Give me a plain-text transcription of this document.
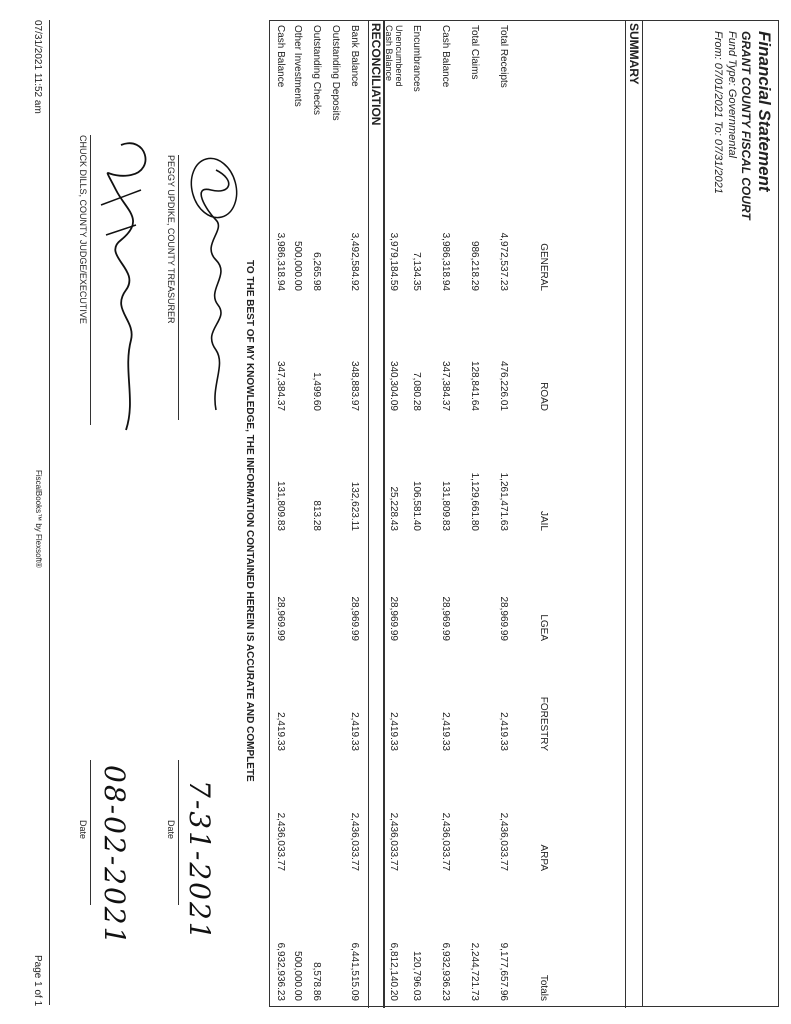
Financial Statement
GRANT COUNTY FISCAL COURT
Fund Type: Governmental
From: 07/01/2021 To: 07/31/2021
SUMMARY
GENERAL
ROAD
JAIL
LGEA
FORESTRY
ARPA
Totals
Total Receipts
4,972,537.23
476,226.01
1,261,471.63
28,969.99
2,419.33
2,436,033.77
9,177,657.96
Total Claims
986,218.29
128,841.64
1,129,661.80
2,244,721.73
Cash Balance
3,986,318.94
347,384.37
131,809.83
28,969.99
2,419.33
2,436,033.77
6,932,936.23
Encumbrances
7,134.35
7,080.28
106,581.40
120,796.03
Unencumbered Cash Balance
3,979,184.59
340,304.09
25,228.43
28,969.99
2,419.33
2,436,033.77
6,812,140.20
RECONCILIATION
Bank Balance
3,492,584.92
348,883.97
132,623.11
28,969.99
2,419.33
2,436,033.77
6,441,515.09
Outstanding Deposits
Outstanding Checks
6,265.98
1,499.60
813.28
8,578.86
Other Investments
500,000.00
500,000.00
Cash Balance
3,986,318.94
347,384.37
131,809.83
28,969.99
2,419.33
2,436,033.77
6,932,936.23
TO THE BEST OF MY KNOWLEDGE, THE INFORMATION CONTAINED HEREIN IS ACCURATE AND COMPLETE
PEGGY UPDIKE, COUNTY TREASURER
7-31-2021
Date
CHUCK DILLS, COUNTY JUDGE/EXECUTIVE
08-02-2021
Date
07/31/2021 11:52 am
FiscalBooks™ by Flexsoft®
Page 1 of 1
